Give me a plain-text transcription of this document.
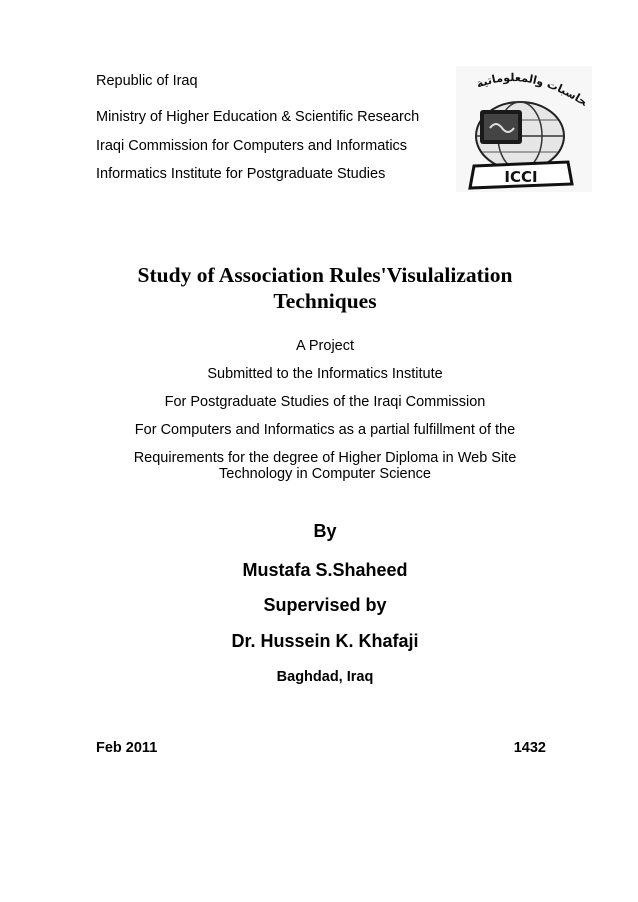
Republic of Iraq
Ministry of Higher Education & Scientific Research
Iraqi Commission for Computers and Informatics
Informatics Institute for Postgraduate Studies
حاسبات والمعلوماتية
ICCI
Study of Association Rules'Visulalization
Techniques
A Project
Submitted to the Informatics Institute
For Postgraduate Studies of the Iraqi Commission
For Computers and Informatics as a partial fulfillment of the
Requirements for the degree of Higher Diploma in Web Site
Technology in Computer Science
By
Mustafa S.Shaheed
Supervised by
Dr. Hussein K. Khafaji
Baghdad, Iraq
Feb 2011	1432
